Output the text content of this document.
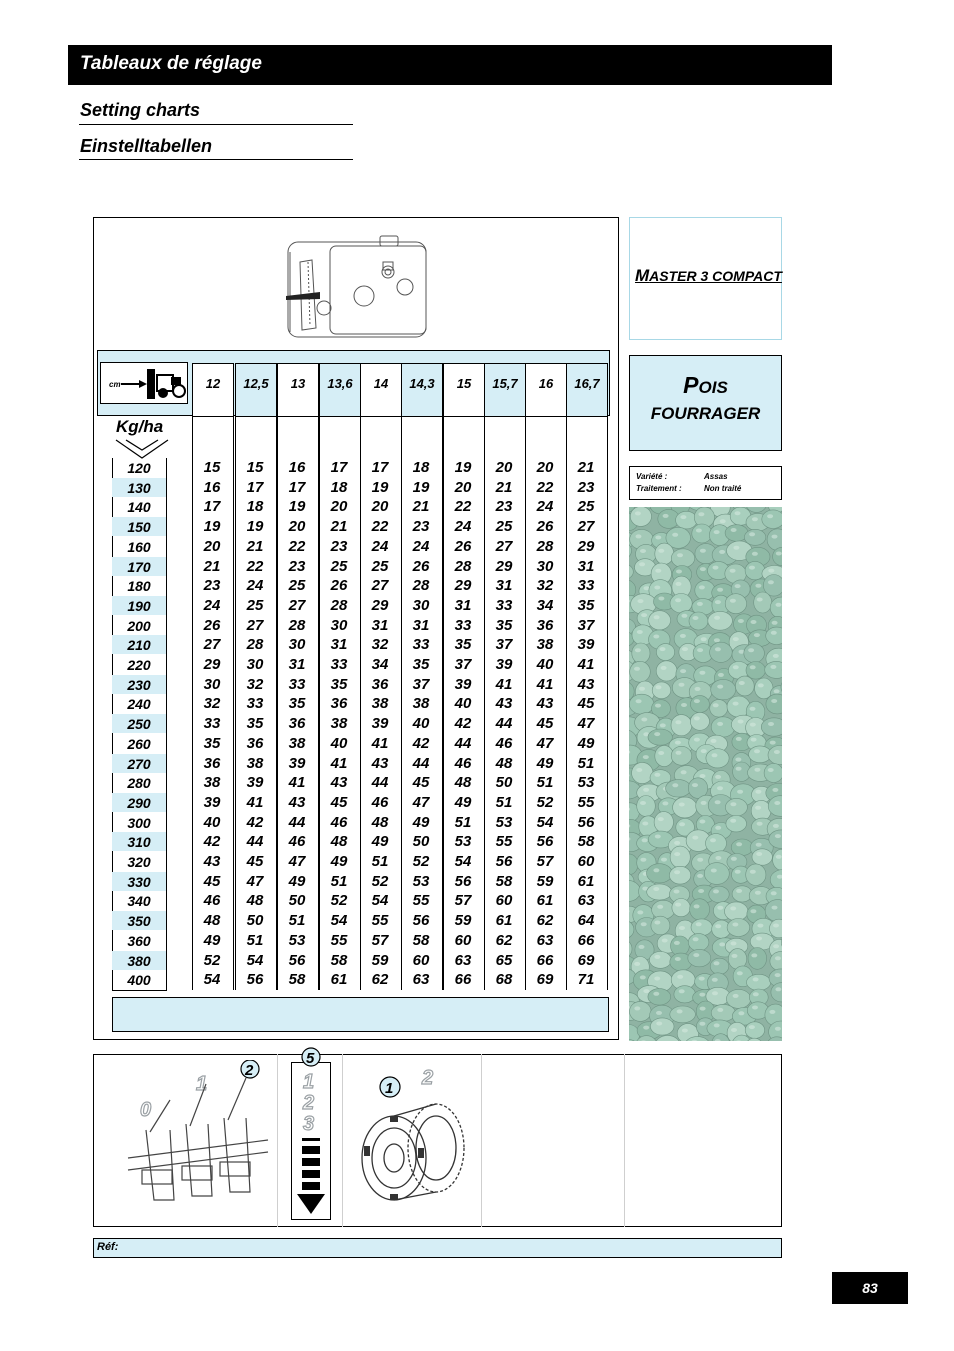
Tableaux de réglage
Setting charts
Einstelltabellen
cm	12	12,5	13	13,6	14	14,3	15	15,7	16	16,7
Kg/ha
120	15	15	16	17	17	18	19	20	20	21
130	16	17	17	18	19	19	20	21	22	23
140	17	18	19	20	20	21	22	23	24	25
150	19	19	20	21	22	23	24	25	26	27
160	20	21	22	23	24	24	26	27	28	29
170	21	22	23	25	25	26	28	29	30	31
180	23	24	25	26	27	28	29	31	32	33
190	24	25	27	28	29	30	31	33	34	35
200	26	27	28	30	31	31	33	35	36	37
210	27	28	30	31	32	33	35	37	38	39
220	29	30	31	33	34	35	37	39	40	41
230	30	32	33	35	36	37	39	41	41	43
240	32	33	35	36	38	38	40	43	43	45
250	33	35	36	38	39	40	42	44	45	47
260	35	36	38	40	41	42	44	46	47	49
270	36	38	39	41	43	44	46	48	49	51
280	38	39	41	43	44	45	48	50	51	53
290	39	41	43	45	46	47	49	51	52	55
300	40	42	44	46	48	49	51	53	54	56
310	42	44	46	48	49	50	53	55	56	58
320	43	45	47	49	51	52	54	56	57	60
330	45	47	49	51	52	53	56	58	59	61
340	46	48	50	52	54	55	57	60	61	63
350	48	50	51	54	55	56	59	61	62	64
360	49	51	53	55	57	58	60	62	63	66
380	52	54	56	58	59	60	63	65	66	69
400	54	56	58	61	62	63	66	68	69	71
MASTER 3 COMPACT
POIS
FOURRAGER
Variété :	Assas
Traitement :	Non traité
0
1
2
5
1
2
3
1 2
Réf:
83
